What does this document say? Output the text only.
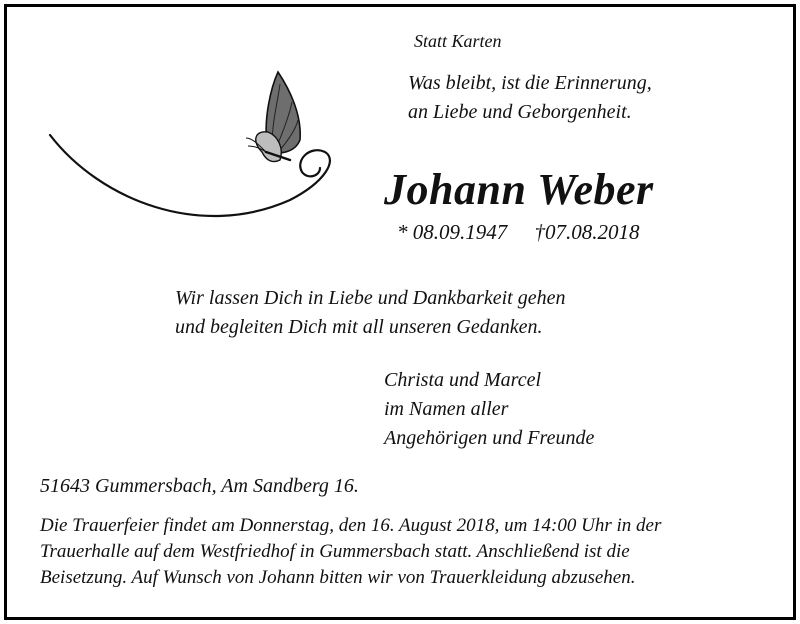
Statt Karten

Was bleibt, ist die Erinnerung,

an Liebe und Geborgenheit.

Johann Weber
* 08.09.1947 †07.08.2018

Wir lassen Dich in Liebe und Dankbarkeit gehen

und begleiten Dich mit all unseren Gedanken.

Christa und Marcel

im Namen aller

Angehörigen und Freunde

51643 Gummersbach, Am Sandberg 16.

Die Trauerfeier findet am Donnerstag, den 16. August 2018, um 14:00 Uhr in der
Trauerhalle auf dem Westfriedhof in Gummersbach statt. Anschließend ist die
Beisetzung. Auf Wunsch von Johann bitten wir von Trauerkleidung abzusehen.
